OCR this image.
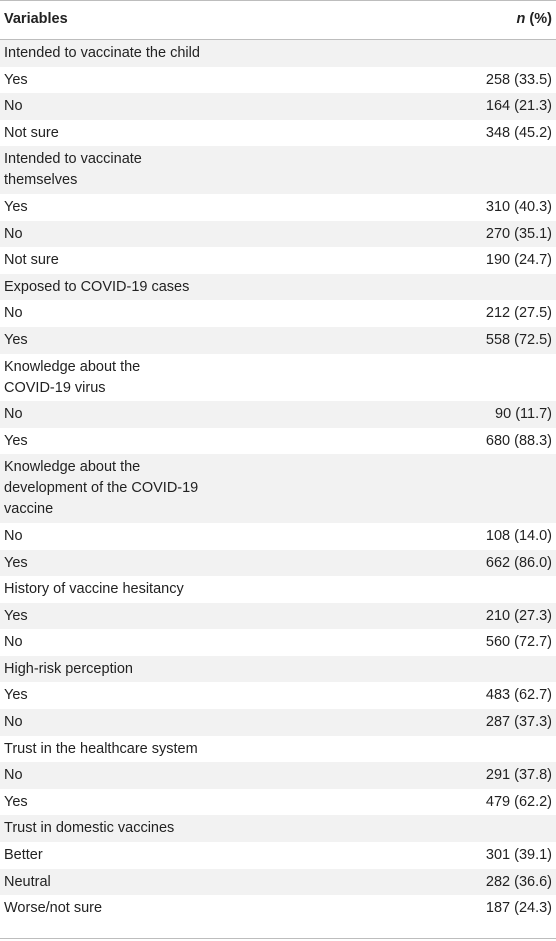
Variables	n (%)
Intended to vaccinate the child
Yes	258 (33.5)
No	164 (21.3)
Not sure	348 (45.2)
Intended to vaccinate
themselves
Yes	310 (40.3)
No	270 (35.1)
Not sure	190 (24.7)
Exposed to COVID-19 cases
No	212 (27.5)
Yes	558 (72.5)
Knowledge about the
COVID-19 virus
No	90 (11.7)
Yes	680 (88.3)
Knowledge about the
development of the COVID-19
vaccine
No	108 (14.0)
Yes	662 (86.0)
History of vaccine hesitancy
Yes	210 (27.3)
No	560 (72.7)
High-risk perception
Yes	483 (62.7)
No	287 (37.3)
Trust in the healthcare system
No	291 (37.8)
Yes	479 (62.2)
Trust in domestic vaccines
Better	301 (39.1)
Neutral	282 (36.6)
Worse/not sure	187 (24.3)
